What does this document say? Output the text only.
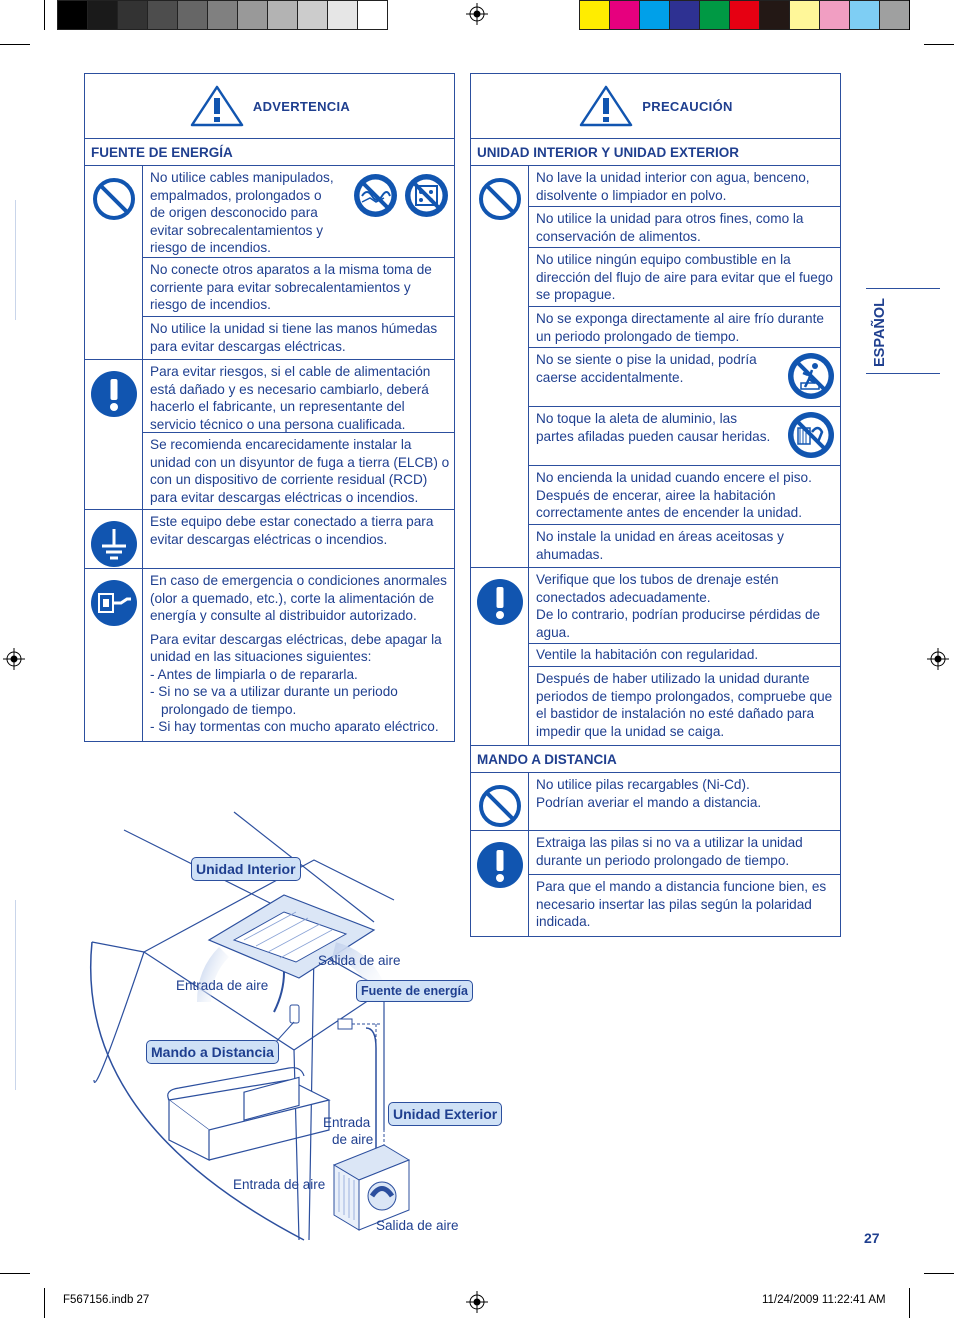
ADVERTENCIA
FUENTE DE ENERGÍA

No utilice cables manipulados, empalmados, prolongados o de origen desconocido para evitar sobrecalentamientos y riesgo de incendios.

No conecte otros aparatos a la misma toma de corriente para evitar sobrecalentamientos y riesgo de incendios.
No utilice la unidad si tiene las manos húmedas para evitar descargas eléctricas.
Para evitar riesgos, si el cable de alimentación está dañado y es necesario cambiarlo, deberá hacerlo el fabricante, un representante del servicio técnico o una persona cualificada.
Se recomienda encarecidamente instalar la unidad con un disyuntor de fuga a tierra (ELCB) o con un dispositivo de corriente residual (RCD) para evitar descargas eléctricas o incendios.
Este equipo debe estar conectado a tierra para evitar descargas eléctricas o incendios.

En caso de emergencia o condiciones anormales (olor a quemado, etc.), corte la alimentación de energía y consulte al distribuidor autorizado.

Para evitar descargas eléctricas, debe apagar la unidad en las situaciones siguientes:

- Antes de limpiarla o de repararla.

- Si no se va a utilizar durante un periodo prolongado de tiempo.

- Si hay tormentas con mucho aparato eléctrico.

PRECAUCIÓN
UNIDAD INTERIOR Y UNIDAD EXTERIOR
No lave la unidad interior con agua, benceno, disolvente o limpiador en polvo.
No utilice la unidad para otros fines, como la conservación de alimentos.
No utilice ningún equipo combustible en la dirección del flujo de aire para evitar que el fuego se propague.
No se exponga directamente al aire frío durante un periodo prolongado de tiempo.

No se siente o pise la unidad, podría caerse accidentalmente.

No toque la aleta de aluminio, las partes afiladas pueden causar heridas.

No encienda la unidad cuando encere el piso. Después de encerar, airee la habitación correctamente antes de encender la unidad.
No instale la unidad en áreas aceitosas y ahumadas.

Verifique que los tubos de drenaje estén conectados adecuadamente.

De lo contrario, podrían producirse pérdidas de agua.

Ventile la habitación con regularidad.
Después de haber utilizado la unidad durante periodos de tiempo prolongados, compruebe que el bastidor de instalación no esté dañado para impedir que la unidad se caiga.
MANDO A DISTANCIA

No utilice pilas recargables (Ni-Cd).

Podrían averiar el mando a distancia.

Extraiga las pilas si no va a utilizar la unidad durante un periodo prolongado de tiempo.
Para que el mando a distancia funcione bien, es necesario insertar las pilas según la polaridad indicada.
ESPAÑOL
Unidad Interior
Fuente de energía
Mando a Distancia
Unidad Exterior
Salida de aire
Entrada de aire
Entrada
de aire
Entrada de aire
Salida de aire
27
F567156.indb 27	11/24/2009 11:22:41 AM
